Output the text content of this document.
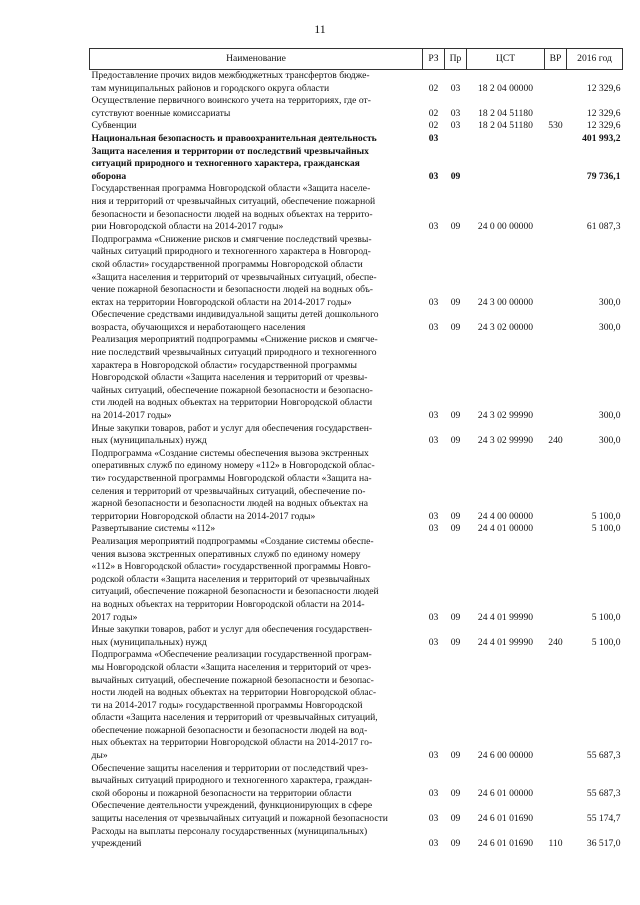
11
Наименование	РЗ	Пр	ЦСТ	ВР	2016 год
Предоставление прочих видов межбюджетных трансфертов бюдже-					
там муниципальных районов и городского округа области	02	03	18 2 04 00000		12 329,6
Осуществление первичного воинского учета на территориях, где от-					
сутствуют военные комиссариаты	02	03	18 2 04 51180		12 329,6
Субвенции	02	03	18 2 04 51180	530	12 329,6
Национальная безопасность и правоохранительная деятельность	03				401 993,2
Защита населения и территории от последствий чрезвычайных					
ситуаций природного и техногенного характера, гражданская					
оборона	03	09			79 736,1
Государственная программа Новгородской области «Защита населе-					
ния и территорий от чрезвычайных ситуаций, обеспечение пожарной					
безопасности и безопасности людей на водных объектах на террито-					
рии Новгородской области на 2014-2017 годы»	03	09	24 0 00 00000		61 087,3
Подпрограмма «Снижение рисков и смягчение последствий чрезвы-					
чайных ситуаций природного и техногенного характера в Новгород-					
ской области» государственной программы Новгородской области					
«Защита населения и территорий от чрезвычайных ситуаций, обеспе-					
чение пожарной безопасности и безопасности людей на водных объ-					
ектах на территории Новгородской области на 2014-2017 годы»	03	09	24 3 00 00000		300,0
Обеспечение средствами индивидуальной защиты детей дошкольного					
возраста, обучающихся и неработающего населения	03	09	24 3 02 00000		300,0
Реализация мероприятий подпрограммы «Снижение рисков и смягче-					
ние последствий чрезвычайных ситуаций природного и техногенного					
характера в Новгородской области» государственной программы					
Новгородской области «Защита населения и территорий от чрезвы-					
чайных ситуаций, обеспечение пожарной безопасности и безопасно-					
сти людей на водных объектах на территории Новгородской области					
на 2014-2017 годы»	03	09	24 3 02 99990		300,0
Иные закупки товаров, работ и услуг для обеспечения государствен-					
ных (муниципальных) нужд	03	09	24 3 02 99990	240	300,0
Подпрограмма «Создание системы обеспечения вызова экстренных					
оперативных служб по единому номеру «112» в Новгородской облас-					
ти» государственной программы Новгородской области «Защита на-					
селения и территорий от чрезвычайных ситуаций, обеспечение по-					
жарной безопасности и безопасности людей на водных объектах на					
территории Новгородской области на 2014-2017 годы»	03	09	24 4 00 00000		5 100,0
Развертывание системы «112»	03	09	24 4 01 00000		5 100,0
Реализация мероприятий подпрограммы «Создание системы обеспе-					
чения вызова экстренных оперативных служб по единому номеру					
«112» в Новгородской области» государственной программы Новго-					
родской области «Защита населения и территорий от чрезвычайных					
ситуаций, обеспечение пожарной безопасности и безопасности людей					
на водных объектах на территории Новгородской области на 2014-					
2017 годы»	03	09	24 4 01 99990		5 100,0
Иные закупки товаров, работ и услуг для обеспечения государствен-					
ных (муниципальных) нужд	03	09	24 4 01 99990	240	5 100,0
Подпрограмма «Обеспечение реализации государственной програм-					
мы Новгородской области «Защита населения и территорий от чрез-					
вычайных ситуаций, обеспечение пожарной безопасности и безопас-					
ности людей на водных объектах на территории Новгородской облас-					
ти на 2014-2017 годы» государственной программы Новгородской					
области «Защита населения и территорий от чрезвычайных ситуаций,					
обеспечение пожарной безопасности и безопасности людей на вод-					
ных объектах на территории Новгородской области на 2014-2017 го-					
ды»	03	09	24 6 00 00000		55 687,3
Обеспечение защиты населения и территории от последствий чрез-					
вычайных ситуаций природного и техногенного характера, граждан-					
ской обороны и пожарной безопасности на территории области	03	09	24 6 01 00000		55 687,3
Обеспечение деятельности учреждений, функционирующих в сфере					
защиты населения от чрезвычайных ситуаций и пожарной безопасности	03	09	24 6 01 01690		55 174,7
Расходы на выплаты персоналу государственных (муниципальных)					
учреждений	03	09	24 6 01 01690	110	36 517,0
